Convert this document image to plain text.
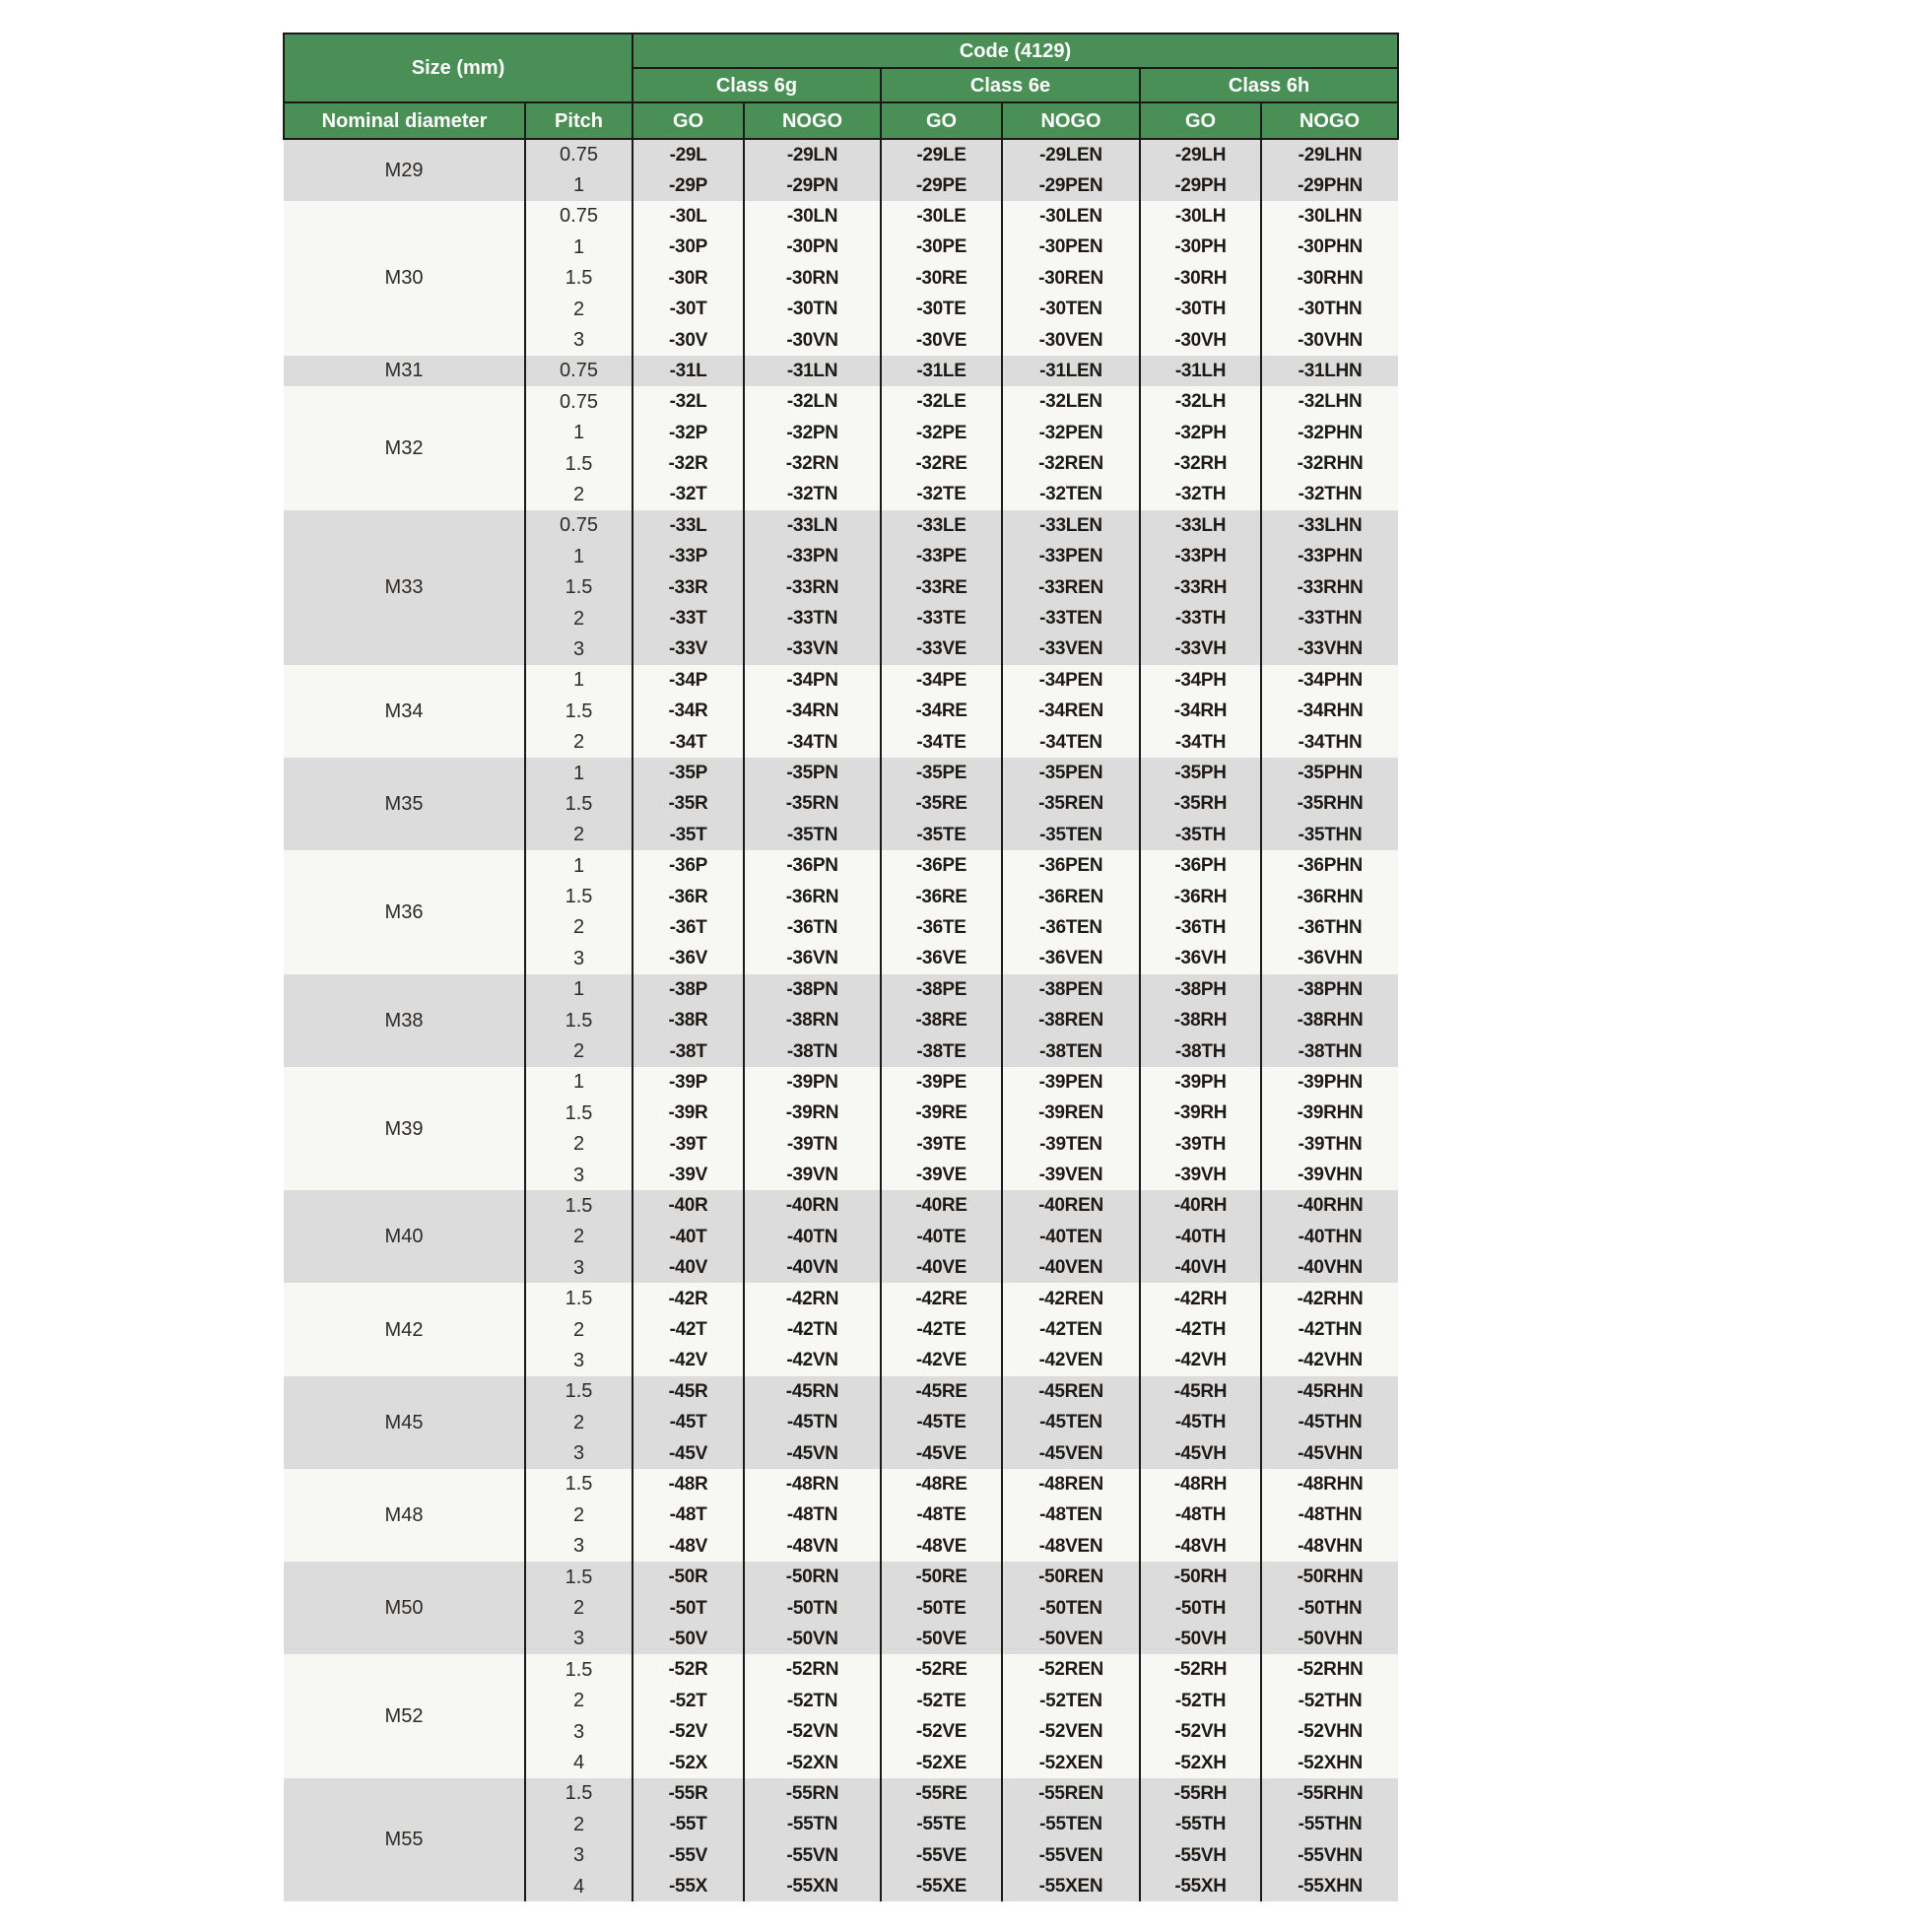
Size (mm)		Code (4129)					
		Class 6g		Class 6e		Class 6h	
Nominal diameter	Pitch	GO	NOGO	GO	NOGO	GO	NOGO
M29	0.75	-29L	-29LN	-29LE	-29LEN	-29LH	-29LHN
	1	-29P	-29PN	-29PE	-29PEN	-29PH	-29PHN
M30	0.75	-30L	-30LN	-30LE	-30LEN	-30LH	-30LHN
	1	-30P	-30PN	-30PE	-30PEN	-30PH	-30PHN
	1.5	-30R	-30RN	-30RE	-30REN	-30RH	-30RHN
	2	-30T	-30TN	-30TE	-30TEN	-30TH	-30THN
	3	-30V	-30VN	-30VE	-30VEN	-30VH	-30VHN
M31	0.75	-31L	-31LN	-31LE	-31LEN	-31LH	-31LHN
M32	0.75	-32L	-32LN	-32LE	-32LEN	-32LH	-32LHN
	1	-32P	-32PN	-32PE	-32PEN	-32PH	-32PHN
	1.5	-32R	-32RN	-32RE	-32REN	-32RH	-32RHN
	2	-32T	-32TN	-32TE	-32TEN	-32TH	-32THN
M33	0.75	-33L	-33LN	-33LE	-33LEN	-33LH	-33LHN
	1	-33P	-33PN	-33PE	-33PEN	-33PH	-33PHN
	1.5	-33R	-33RN	-33RE	-33REN	-33RH	-33RHN
	2	-33T	-33TN	-33TE	-33TEN	-33TH	-33THN
	3	-33V	-33VN	-33VE	-33VEN	-33VH	-33VHN
M34	1	-34P	-34PN	-34PE	-34PEN	-34PH	-34PHN
	1.5	-34R	-34RN	-34RE	-34REN	-34RH	-34RHN
	2	-34T	-34TN	-34TE	-34TEN	-34TH	-34THN
M35	1	-35P	-35PN	-35PE	-35PEN	-35PH	-35PHN
	1.5	-35R	-35RN	-35RE	-35REN	-35RH	-35RHN
	2	-35T	-35TN	-35TE	-35TEN	-35TH	-35THN
M36	1	-36P	-36PN	-36PE	-36PEN	-36PH	-36PHN
	1.5	-36R	-36RN	-36RE	-36REN	-36RH	-36RHN
	2	-36T	-36TN	-36TE	-36TEN	-36TH	-36THN
	3	-36V	-36VN	-36VE	-36VEN	-36VH	-36VHN
M38	1	-38P	-38PN	-38PE	-38PEN	-38PH	-38PHN
	1.5	-38R	-38RN	-38RE	-38REN	-38RH	-38RHN
	2	-38T	-38TN	-38TE	-38TEN	-38TH	-38THN
M39	1	-39P	-39PN	-39PE	-39PEN	-39PH	-39PHN
	1.5	-39R	-39RN	-39RE	-39REN	-39RH	-39RHN
	2	-39T	-39TN	-39TE	-39TEN	-39TH	-39THN
	3	-39V	-39VN	-39VE	-39VEN	-39VH	-39VHN
M40	1.5	-40R	-40RN	-40RE	-40REN	-40RH	-40RHN
	2	-40T	-40TN	-40TE	-40TEN	-40TH	-40THN
	3	-40V	-40VN	-40VE	-40VEN	-40VH	-40VHN
M42	1.5	-42R	-42RN	-42RE	-42REN	-42RH	-42RHN
	2	-42T	-42TN	-42TE	-42TEN	-42TH	-42THN
	3	-42V	-42VN	-42VE	-42VEN	-42VH	-42VHN
M45	1.5	-45R	-45RN	-45RE	-45REN	-45RH	-45RHN
	2	-45T	-45TN	-45TE	-45TEN	-45TH	-45THN
	3	-45V	-45VN	-45VE	-45VEN	-45VH	-45VHN
M48	1.5	-48R	-48RN	-48RE	-48REN	-48RH	-48RHN
	2	-48T	-48TN	-48TE	-48TEN	-48TH	-48THN
	3	-48V	-48VN	-48VE	-48VEN	-48VH	-48VHN
M50	1.5	-50R	-50RN	-50RE	-50REN	-50RH	-50RHN
	2	-50T	-50TN	-50TE	-50TEN	-50TH	-50THN
	3	-50V	-50VN	-50VE	-50VEN	-50VH	-50VHN
M52	1.5	-52R	-52RN	-52RE	-52REN	-52RH	-52RHN
	2	-52T	-52TN	-52TE	-52TEN	-52TH	-52THN
	3	-52V	-52VN	-52VE	-52VEN	-52VH	-52VHN
	4	-52X	-52XN	-52XE	-52XEN	-52XH	-52XHN
M55	1.5	-55R	-55RN	-55RE	-55REN	-55RH	-55RHN
	2	-55T	-55TN	-55TE	-55TEN	-55TH	-55THN
	3	-55V	-55VN	-55VE	-55VEN	-55VH	-55VHN
	4	-55X	-55XN	-55XE	-55XEN	-55XH	-55XHN
